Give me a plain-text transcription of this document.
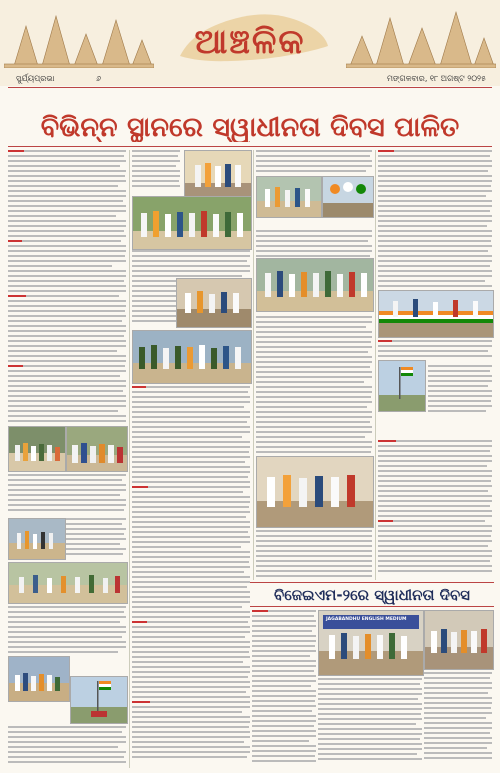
ଆଞ୍ଚଳିକ
ସୁର୍ଯ୍ୟପ୍ରଭା	୬	ମଙ୍ଗଳବାର, ୧୮ ଅଗଷ୍ଟ ୨୦୨୫
ବିଭିନ୍ନ ସ୍ଥାନରେ ସ୍ୱାଧୀନତା ଦିବସ ପାଳିତ
ବିଜେଇଏମ-୨ରେ ସ୍ୱାଧୀନତା ଦିବସ
JAGABANDHU ENGLISH MEDIUM
